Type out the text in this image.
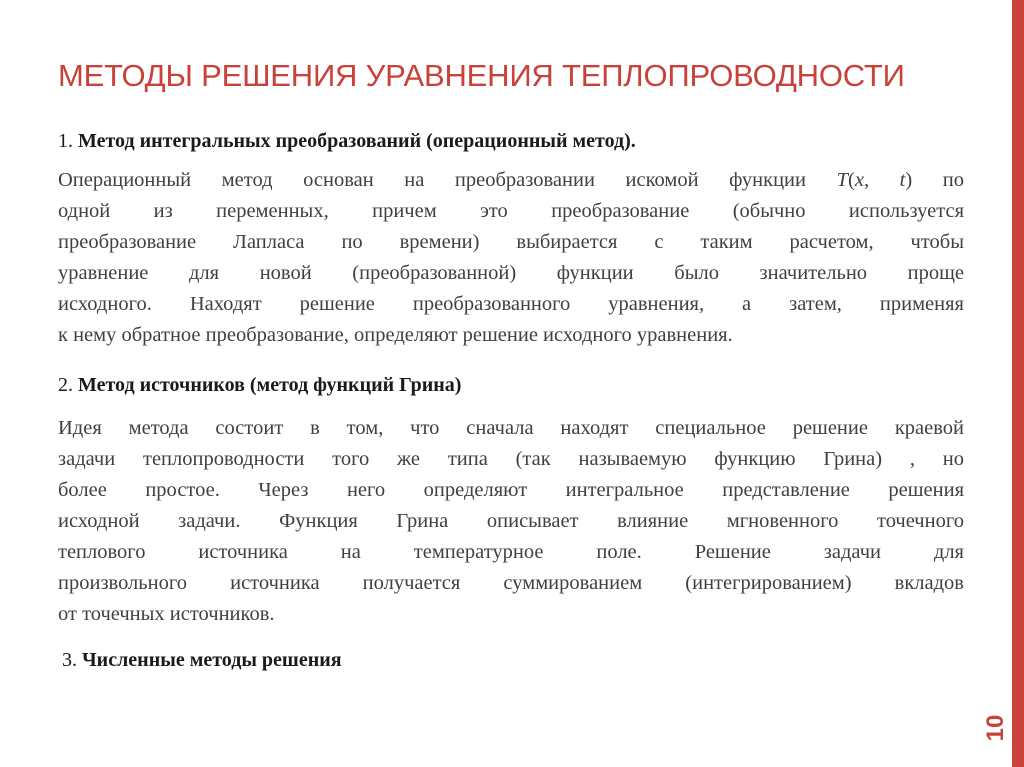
МЕТОДЫ РЕШЕНИЯ УРАВНЕНИЯ ТЕПЛОПРОВОДНОСТИ
1. Метод интегральных преобразований (операционный метод).
Операционный метод основан на преобразовании искомой функции T(x, t) по
одной из переменных, причем это преобразование (обычно используется
преобразование Лапласа по времени) выбирается с таким расчетом, чтобы
уравнение для новой (преобразованной) функции было значительно проще
исходного. Находят решение преобразованного уравнения, а затем, применяя
к нему обратное преобразование, определяют решение исходного уравнения.
2. Метод источников (метод функций Грина)
Идея метода состоит в том, что сначала находят специальное решение краевой
задачи теплопроводности того же типа (так называемую функцию Грина) , но
более простое. Через него определяют интегральное представление решения
исходной задачи. Функция Грина описывает влияние мгновенного точечного
теплового источника на температурное поле. Решение задачи для
произвольного источника получается суммированием (интегрированием) вкладов
от точечных источников.
3. Численные методы решения
10
